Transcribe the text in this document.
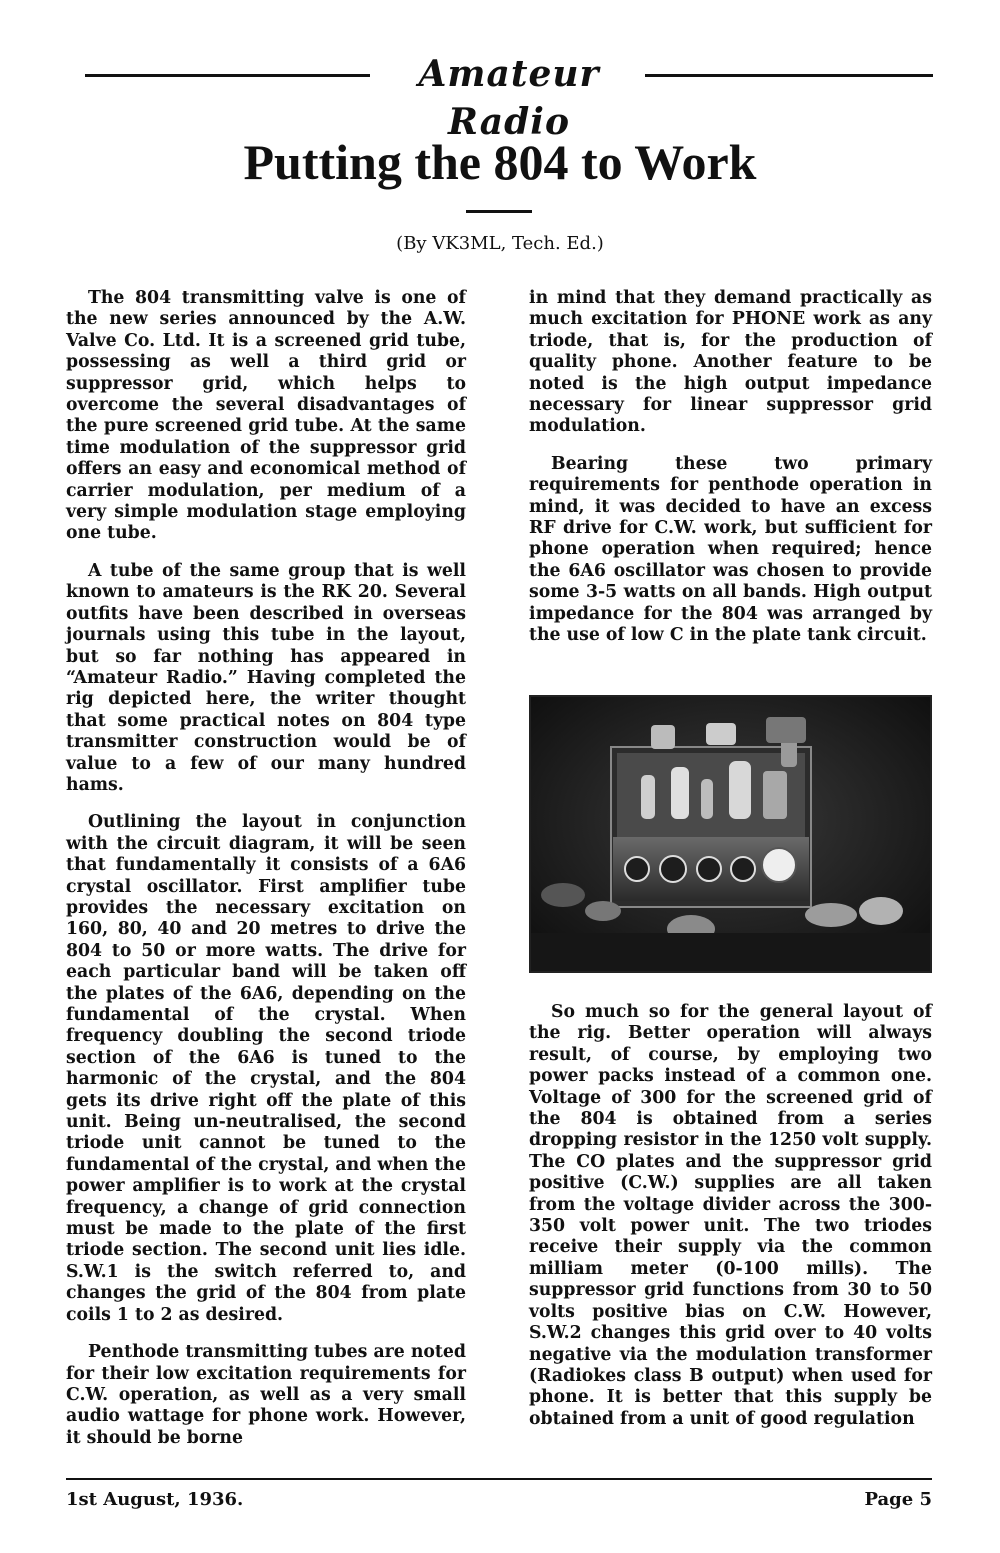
Amateur Radio
Putting the 804 to Work
(By VK3ML, Tech. Ed.)

The 804 transmitting valve is one of the new series announced by the A.W. Valve Co. Ltd. It is a screened grid tube, possessing as well a third grid or suppressor grid, which helps to overcome the several disadvantages of the pure screened grid tube. At the same time modulation of the suppressor grid offers an easy and economical method of carrier modulation, per medium of a very simple modulation stage employing one tube.

A tube of the same group that is well known to amateurs is the RK 20. Several outfits have been described in overseas journals using this tube in the layout, but so far nothing has appeared in “Amateur Radio.” Having completed the rig depicted here, the writer thought that some practical notes on 804 type transmitter construction would be of value to a few of our many hundred hams.

Outlining the layout in conjunction with the circuit diagram, it will be seen that fundamentally it consists of a 6A6 crystal oscillator. First amplifier tube provides the necessary excitation on 160, 80, 40 and 20 metres to drive the 804 to 50 or more watts. The drive for each particular band will be taken off the plates of the 6A6, depending on the fundamental of the crystal. When frequency doubling the second triode section of the 6A6 is tuned to the harmonic of the crystal, and the 804 gets its drive right off the plate of this unit. Being un-neutralised, the second triode unit cannot be tuned to the fundamental of the crystal, and when the power amplifier is to work at the crystal frequency, a change of grid connection must be made to the plate of the first triode section. The second unit lies idle. S.W.1 is the switch referred to, and changes the grid of the 804 from plate coils 1 to 2 as desired.

Penthode transmitting tubes are noted for their low excitation requirements for C.W. operation, as well as a very small audio wattage for phone work. However, it should be borne

in mind that they demand practically as much excitation for PHONE work as any triode, that is, for the production of quality phone. Another feature to be noted is the high output impedance necessary for linear suppressor grid modulation.

Bearing these two primary requirements for penthode operation in mind, it was decided to have an excess RF drive for C.W. work, but sufficient for phone operation when required; hence the 6A6 oscillator was chosen to provide some 3-5 watts on all bands. High output impedance for the 804 was arranged by the use of low C in the plate tank circuit.

So much so for the general layout of the rig. Better operation will always result, of course, by employing two power packs instead of a common one. Voltage of 300 for the screened grid of the 804 is obtained from a series dropping resistor in the 1250 volt supply. The CO plates and the suppressor grid positive (C.W.) supplies are all taken from the voltage divider across the 300-350 volt power unit. The two triodes receive their supply via the common milliam meter (0-100 mills). The suppressor grid functions from 30 to 50 volts positive bias on C.W. However, S.W.2 changes this grid over to 40 volts negative via the modulation transformer (Radiokes class B output) when used for phone. It is better that this supply be obtained from a unit of good regulation

1st August, 1936.	Page 5
